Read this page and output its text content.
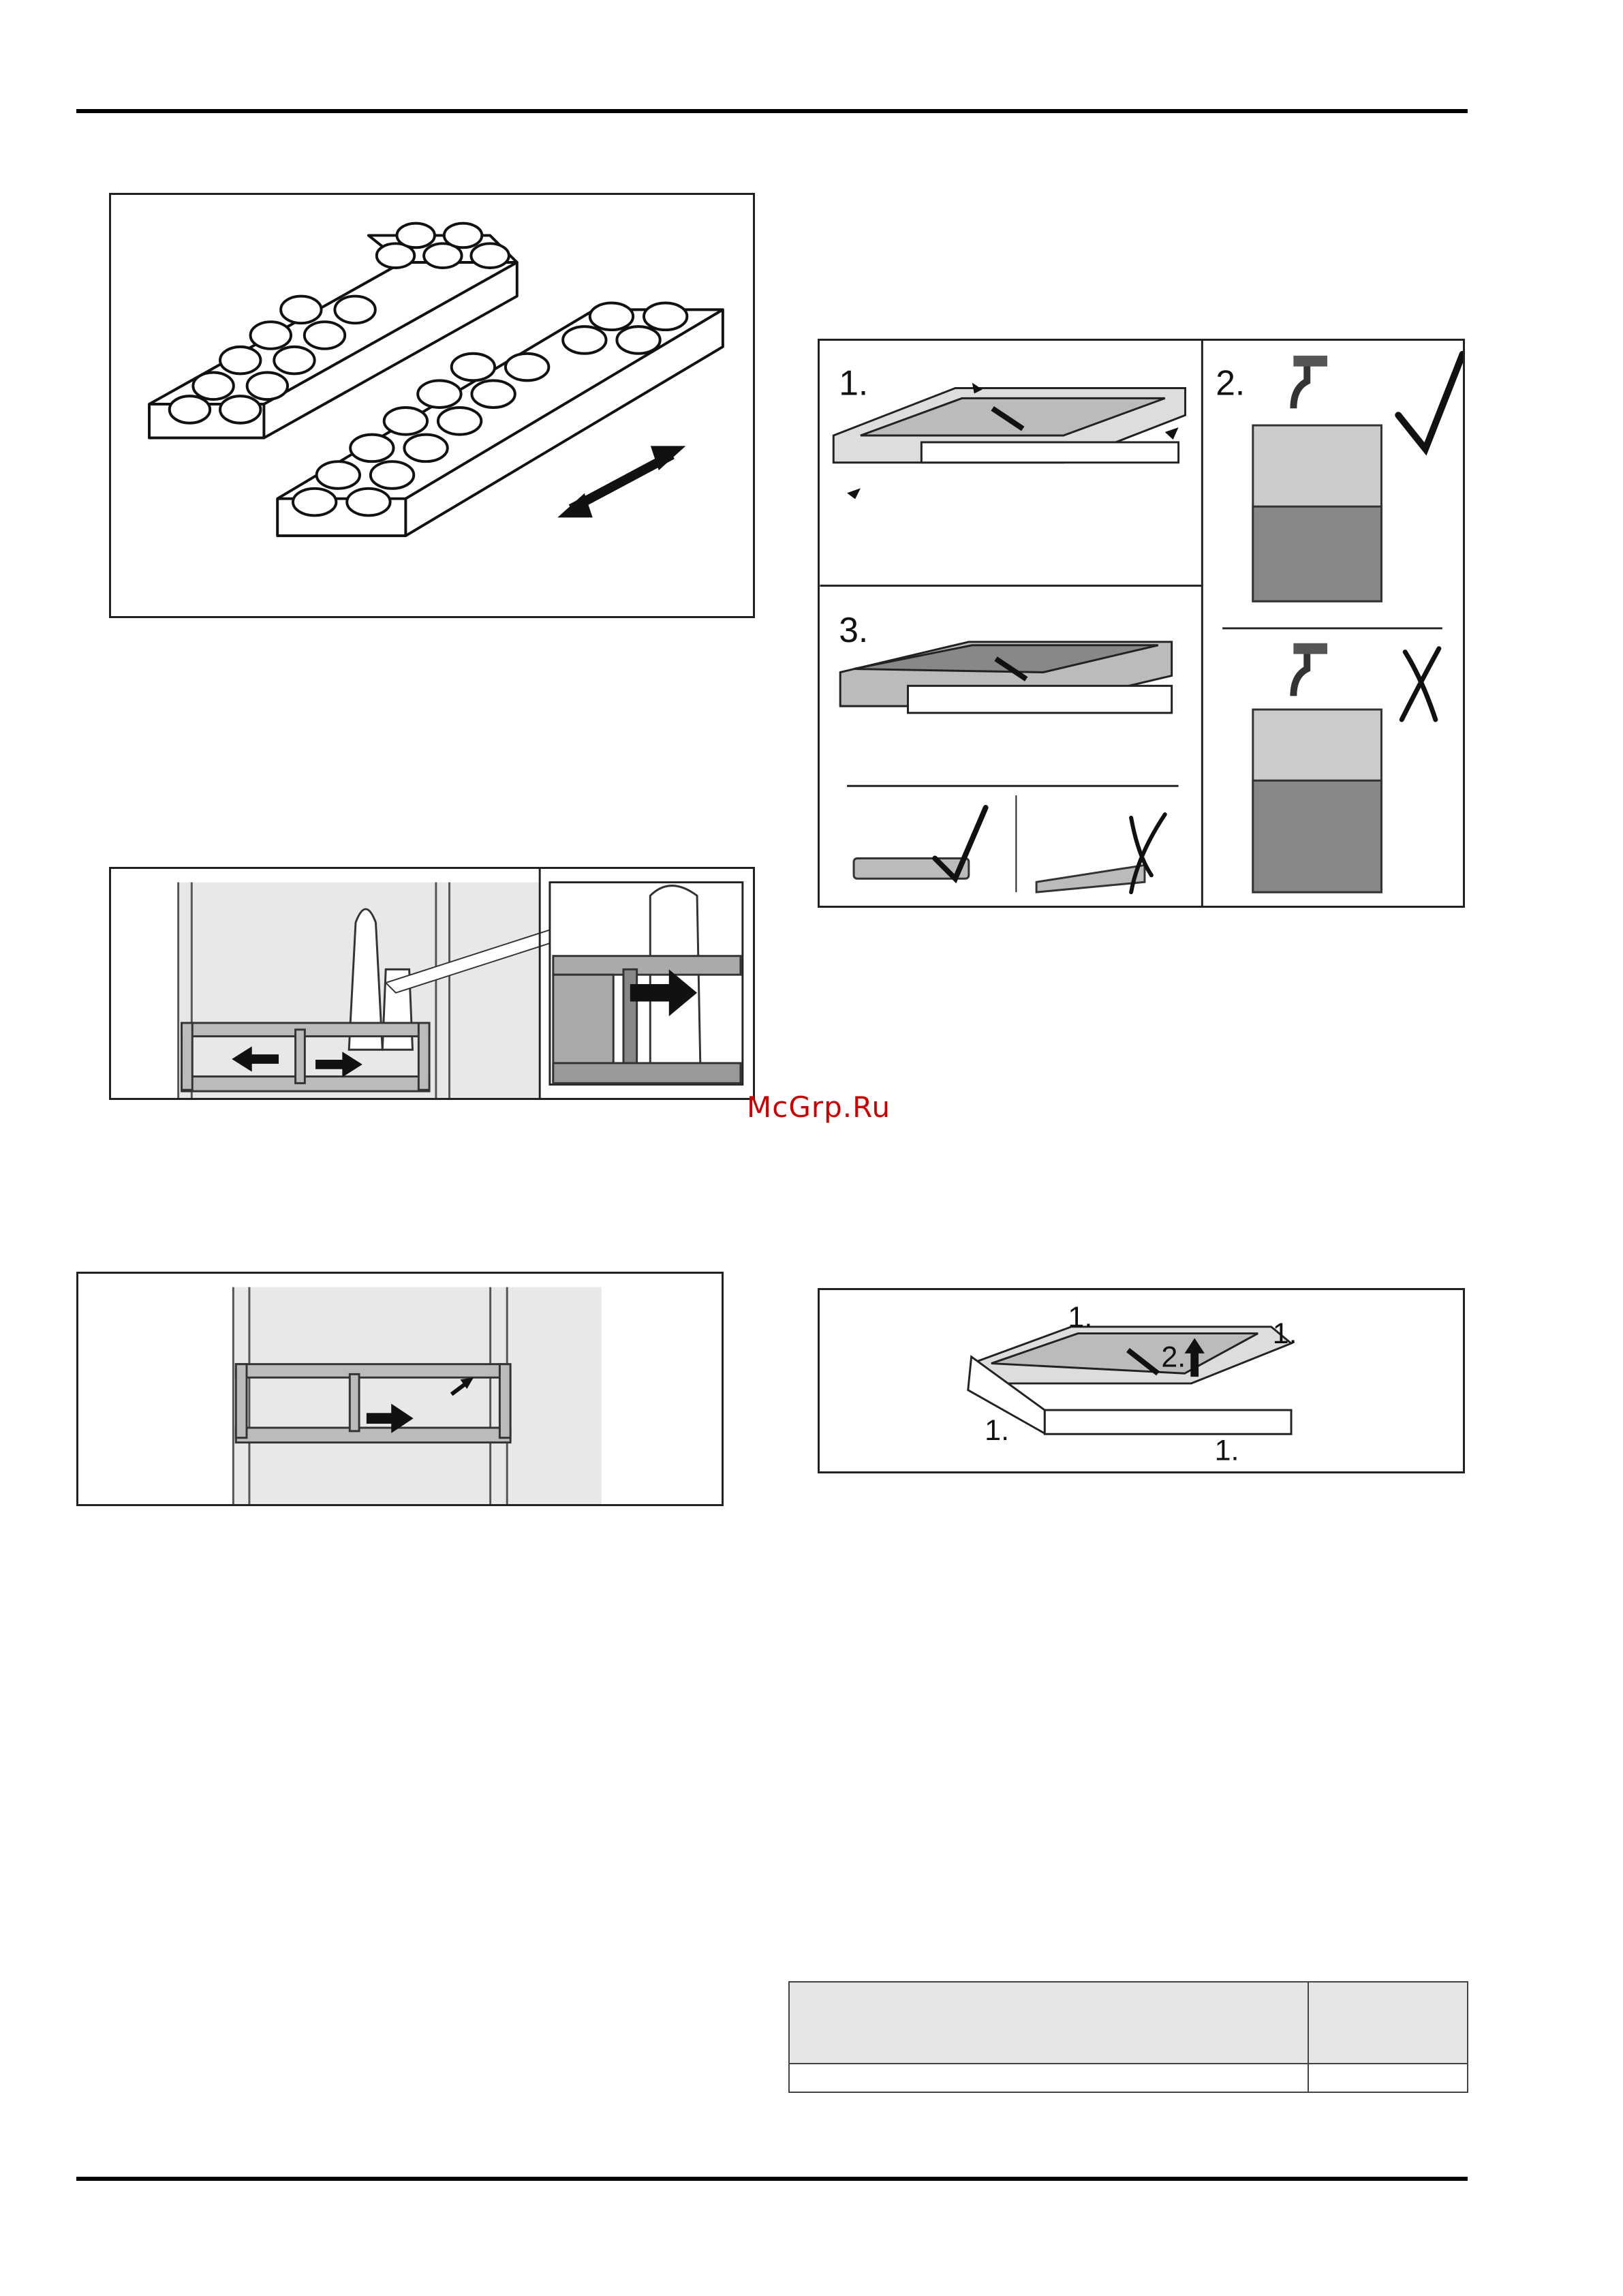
1.	2.
3.
McGrp.Ru
1.
1.
1.
1.
2.
